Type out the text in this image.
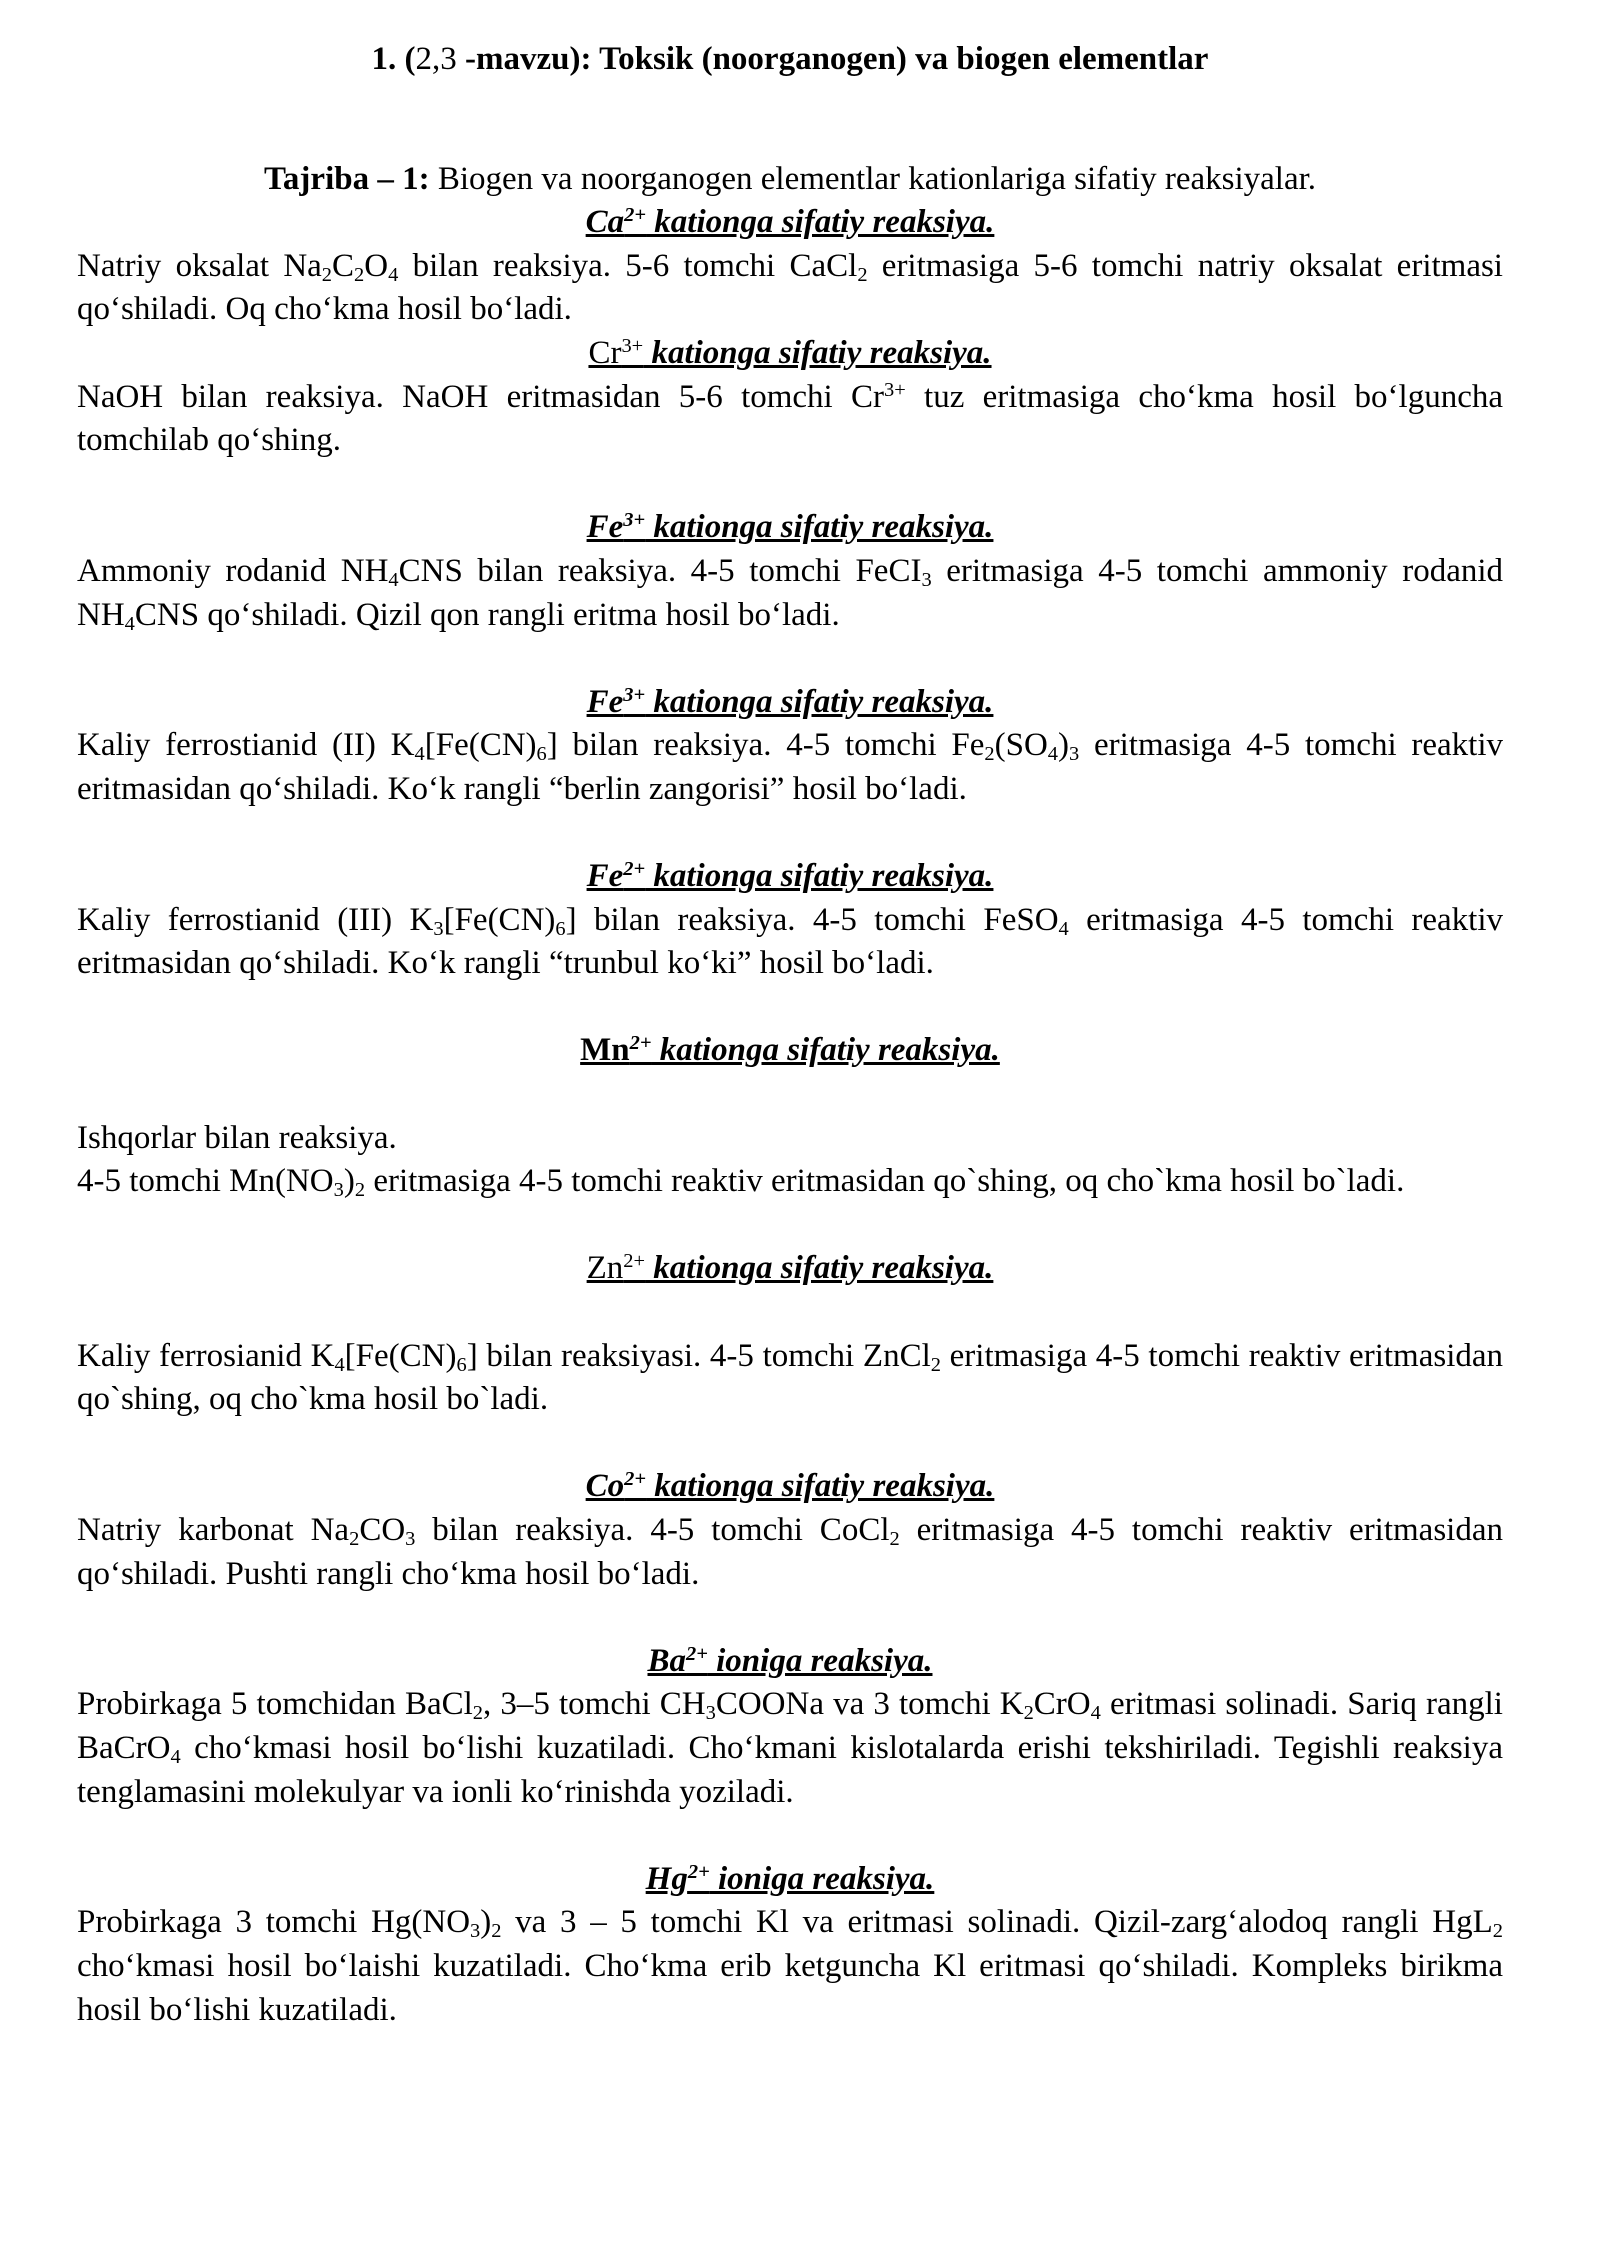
1. (2,3 -mavzu): Toksik (noorganogen) va biogen elementlar

Tajriba – 1: Biogen va noorganogen elementlar kationlariga sifatiy reaksiyalar.

$Ca^{2+}$ kationga sifatiy reaksiya.

Natriy oksalat $Na_2C_2O_4$ bilan reaksiya. 5-6 tomchi CaCl$_2$ eritmasiga 5-6 tomchi natriy oksalat eritmasi qo‘shiladi. Oq cho‘kma hosil bo‘ladi.

$Cr^{3+}$ kationga sifatiy reaksiya.

NaOH bilan reaksiya. NaOH eritmasidan 5-6 tomchi $Cr^{3+}$ tuz eritmasiga cho‘kma hosil bo‘lguncha tomchilab qo‘shing.

$Fe^{3+}$ kationga sifatiy reaksiya.

Ammoniy rodanid $NH_4CNS$ bilan reaksiya. 4-5 tomchi FeCI$_3$ eritmasiga 4-5 tomchi ammoniy rodanid $NH_4CNS$ qo‘shiladi. Qizil qon rangli eritma hosil bo‘ladi.

$Fe^{3+}$ kationga sifatiy reaksiya.

Kaliy ferrostianid (II) $K_4[Fe(CN)_6]$ bilan reaksiya. 4-5 tomchi $Fe_2(SO_4)_3$ eritmasiga 4-5 tomchi reaktiv eritmasidan qo‘shiladi. Ko‘k rangli “berlin zangorisi” hosil bo‘ladi.

$Fe^{2+}$ kationga sifatiy reaksiya.

Kaliy ferrostianid (III) $K_3[Fe(CN)_6]$ bilan reaksiya. 4-5 tomchi FeSO$_4$ eritmasiga 4-5 tomchi reaktiv eritmasidan qo‘shiladi. Ko‘k rangli “trunbul ko‘ki” hosil bo‘ladi.

$Mn^{2+}$ kationga sifatiy reaksiya.

Ishqorlar bilan reaksiya.

4-5 tomchi $Mn(NO_3)_2$ eritmasiga 4-5 tomchi reaktiv eritmasidan qo`shing, oq cho`kma hosil bo`ladi.

$Zn^{2+}$ kationga sifatiy reaksiya.

Kaliy ferrosianid $K_4[Fe(CN)_6]$ bilan reaksiyasi. 4-5 tomchi ZnCl$_2$ eritmasiga 4-5 tomchi reaktiv eritmasidan qo`shing, oq cho`kma hosil bo`ladi.

$Co^{2+}$ kationga sifatiy reaksiya.

Natriy karbonat $Na_2CO_3$ bilan reaksiya. 4-5 tomchi CoCl$_2$ eritmasiga 4-5 tomchi reaktiv eritmasidan qo‘shiladi. Pushti rangli cho‘kma hosil bo‘ladi.

$Ba^{2+}$ ioniga reaksiya.

Probirkaga 5 tomchidan BaCl$_2$, 3–5 tomchi $CH_3COONa$ va 3 tomchi $K_2CrO_4$ eritmasi solinadi. Sariq rangli BaCrO$_4$ cho‘kmasi hosil bo‘lishi kuzatiladi. Cho‘kmani kislotalarda erishi tekshiriladi. Tegishli reaksiya tenglamasini molekulyar va ionli ko‘rinishda yoziladi.

$Hg^{2+}$ ioniga reaksiya.

Probirkaga 3 tomchi $Hg(NO_3)_2$ va 3 – 5 tomchi Kl va eritmasi solinadi. Qizil-zarg‘alodoq rangli HgL$_2$ cho‘kmasi hosil bo‘laishi kuzatiladi. Cho‘kma erib ketguncha Kl eritmasi qo‘shiladi. Kompleks birikma hosil bo‘lishi kuzatiladi.
